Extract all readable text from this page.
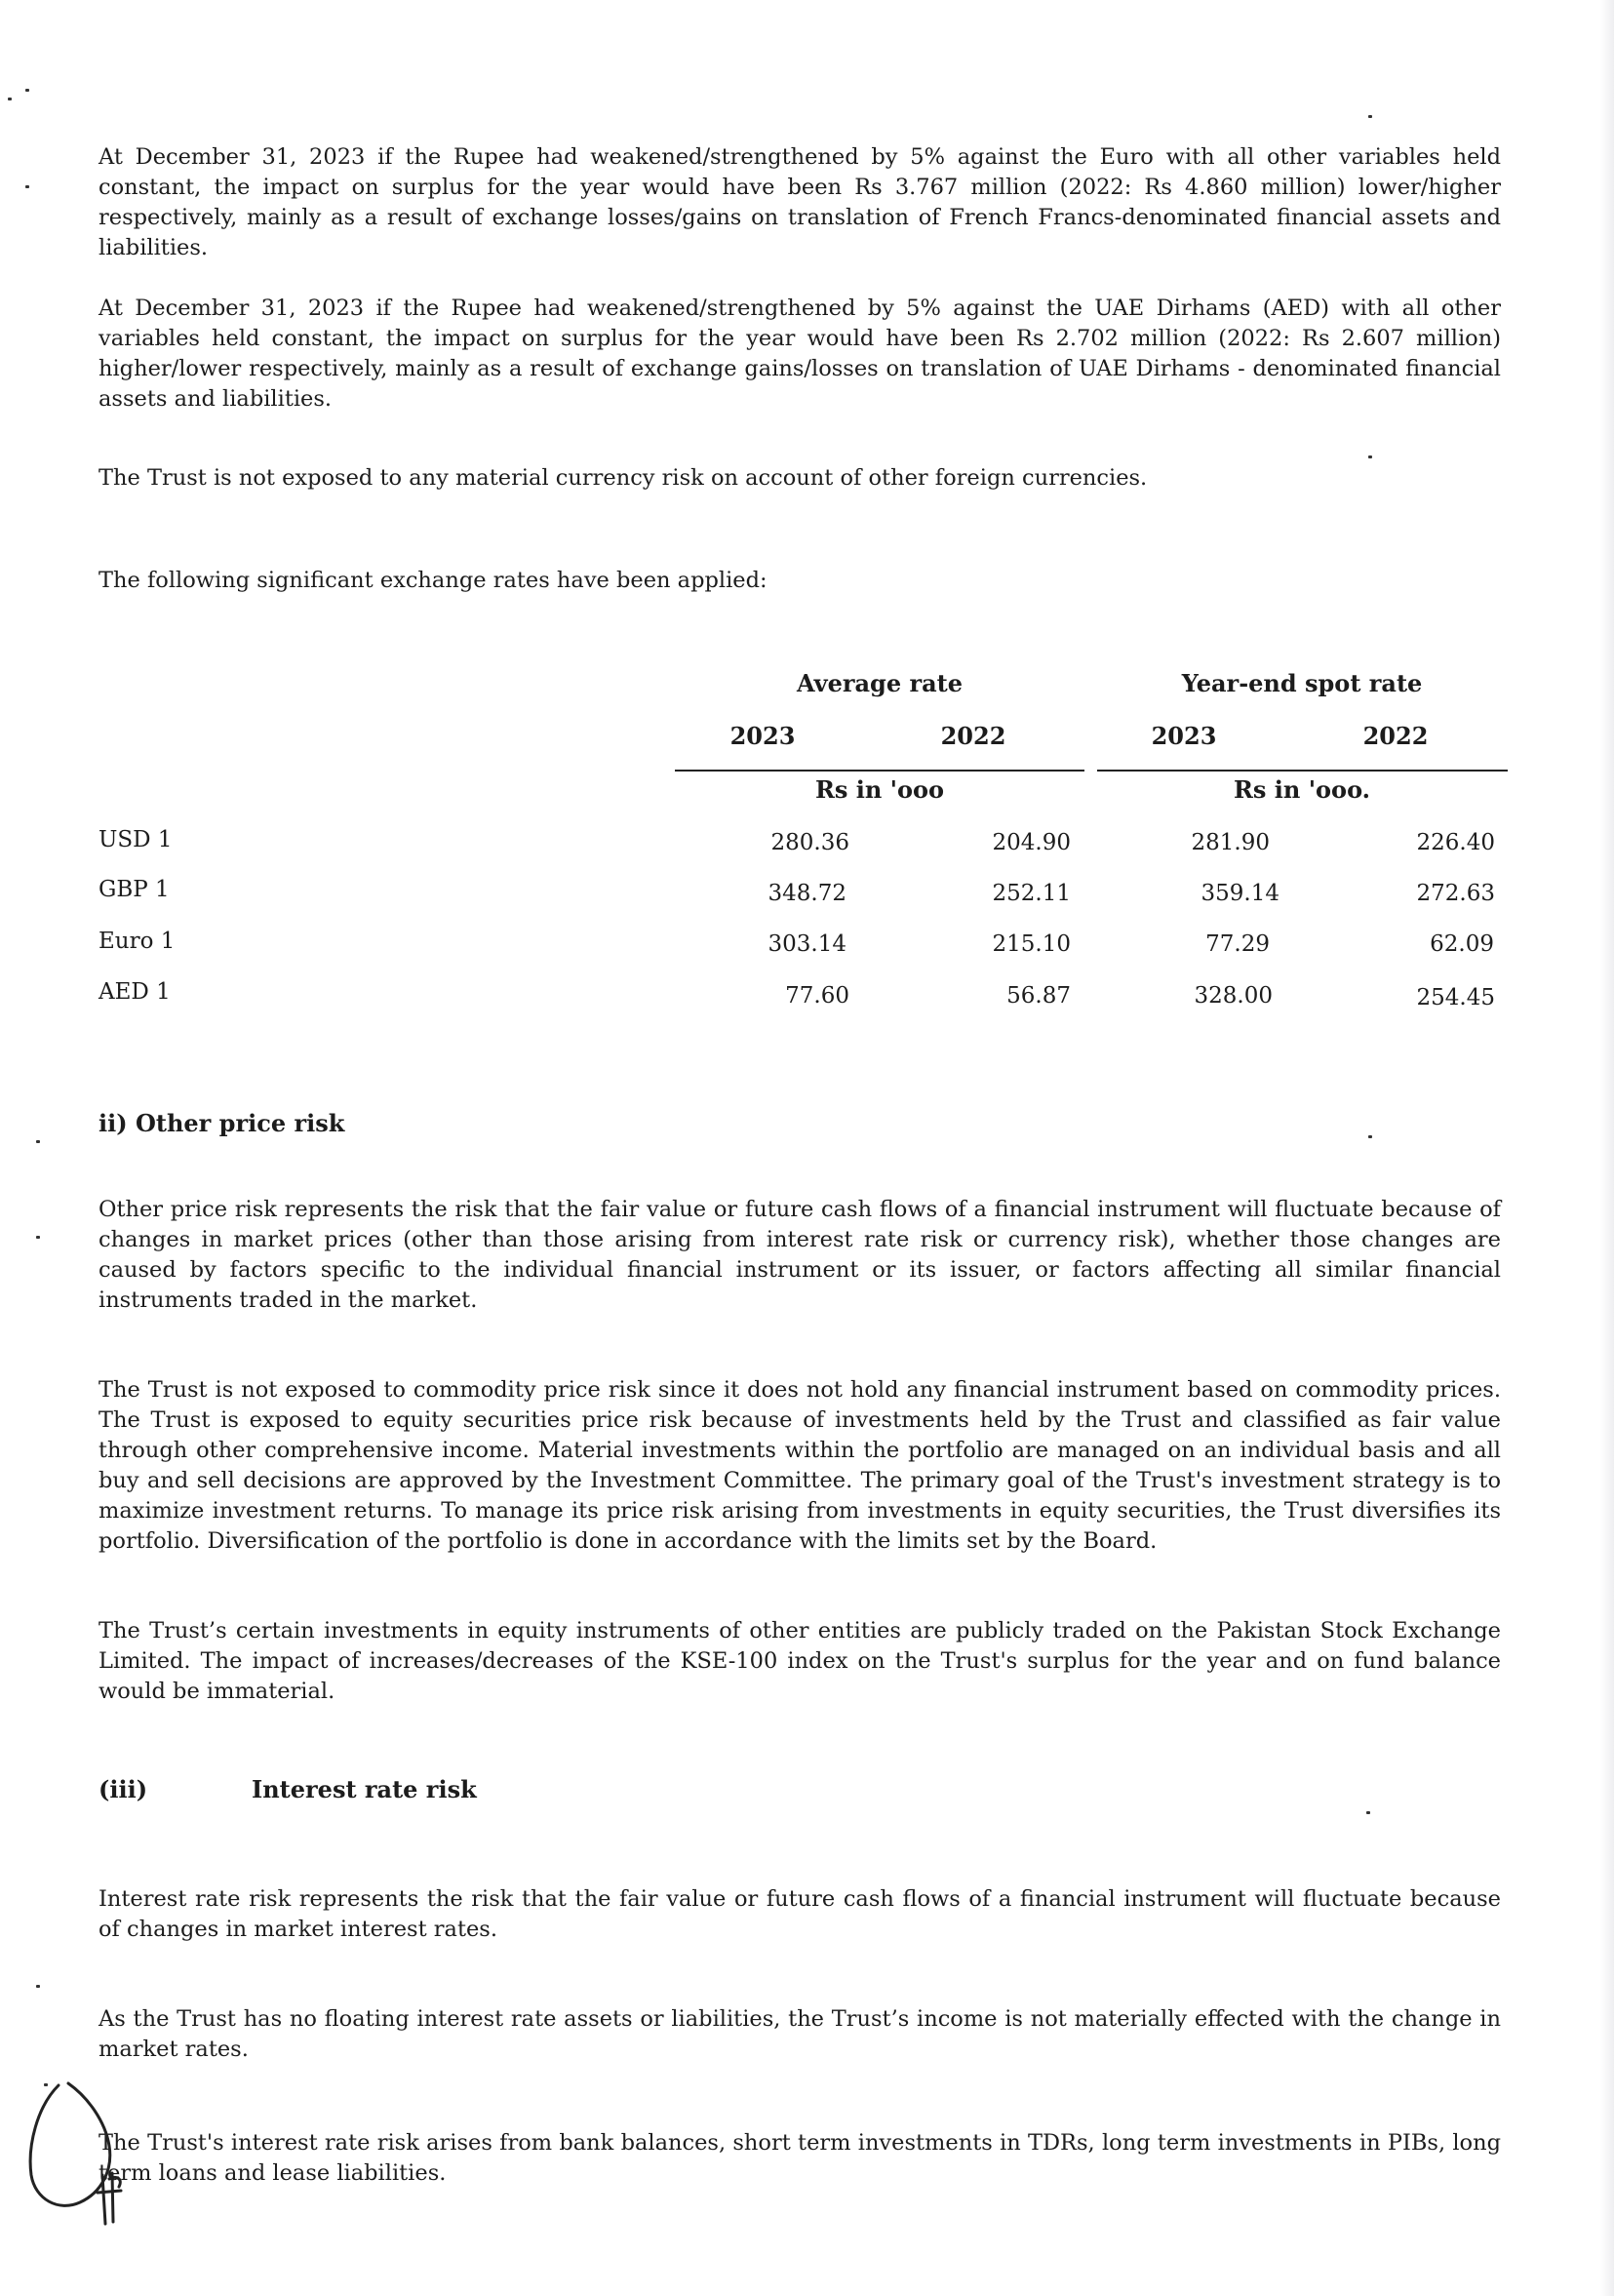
At December 31, 2023 if the Rupee had weakened/strengthened by 5% against the Euro with all other variables held constant, the impact on surplus for the year would have been Rs 3.767 million (2022: Rs 4.860 million) lower/higher respectively, mainly as a result of exchange losses/gains on translation of French Francs-denominated financial assets and liabilities.

At December 31, 2023 if the Rupee had weakened/strengthened by 5% against the UAE Dirhams (AED) with all other variables held constant, the impact on surplus for the year would have been Rs 2.702 million (2022: Rs 2.607 million) higher/lower respectively, mainly as a result of exchange gains/losses on translation of UAE Dirhams - denominated financial assets and liabilities.

The Trust is not exposed to any material currency risk on account of other foreign currencies.

The following significant exchange rates have been applied:

Average rate	Year-end spot rate
2023	2022	2023	2022
Rs in 'ooo	Rs in 'ooo.
USD 1	280.36	204.90	281.90	226.40
GBP 1	348.72	252.11	359.14	272.63
Euro 1	303.14	215.10	77.29	62.09
AED 1	77.60	56.87	328.00	254.45
ii) Other price risk

Other price risk represents the risk that the fair value or future cash flows of a financial instrument will fluctuate because of changes in market prices (other than those arising from interest rate risk or currency risk), whether those changes are caused by factors specific to the individual financial instrument or its issuer, or factors affecting all similar financial instruments traded in the market.

The Trust is not exposed to commodity price risk since it does not hold any financial instrument based on commodity prices. The Trust is exposed to equity securities price risk because of investments held by the Trust and classified as fair value through other comprehensive income. Material investments within the portfolio are managed on an individual basis and all buy and sell decisions are approved by the Investment Committee. The primary goal of the Trust's investment strategy is to maximize investment returns. To manage its price risk arising from investments in equity securities, the Trust diversifies its portfolio. Diversification of the portfolio is done in accordance with the limits set by the Board.

The Trust’s certain investments in equity instruments of other entities are publicly traded on the Pakistan Stock Exchange Limited. The impact of increases/decreases of the KSE-100 index on the Trust's surplus for the year and on fund balance would be immaterial.

(iii)	Interest rate risk

Interest rate risk represents the risk that the fair value or future cash flows of a financial instrument will fluctuate because of changes in market interest rates.

As the Trust has no floating interest rate assets or liabilities, the Trust’s income is not materially effected with the change in market rates.

The Trust's interest rate risk arises from bank balances, short term investments in TDRs, long term investments in PIBs, long term loans and lease liabilities.
